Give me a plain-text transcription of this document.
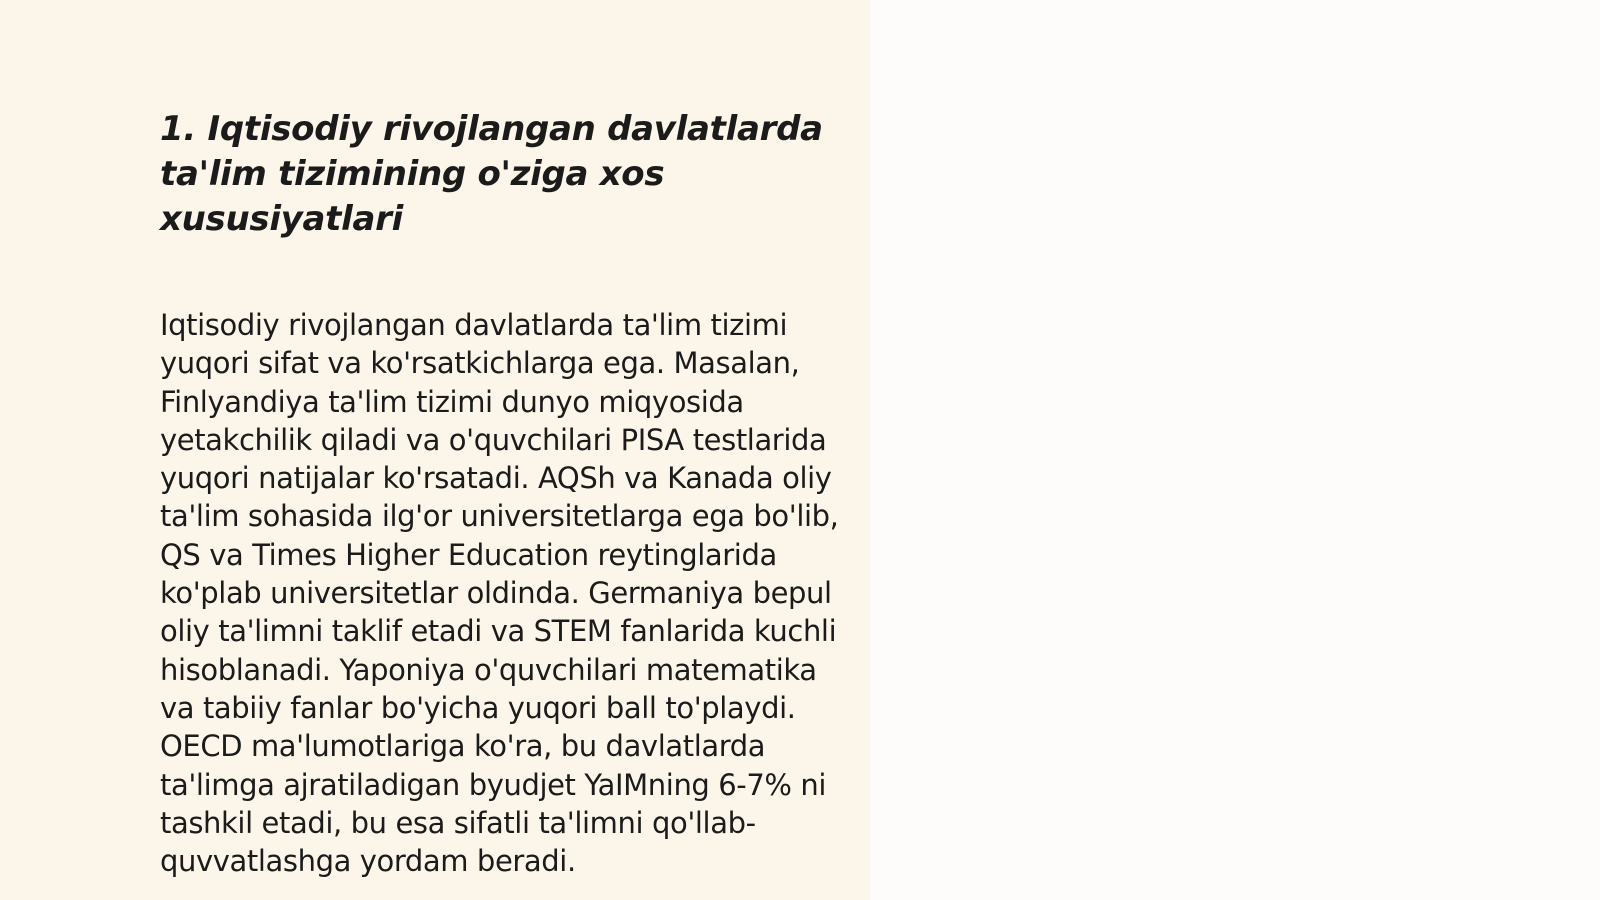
1. Iqtisodiy rivojlangan davlatlarda ta'lim tizimining o'ziga xos xususiyatlari

Iqtisodiy rivojlangan davlatlarda ta'lim tizimi yuqori sifat va ko'rsatkichlarga ega. Masalan, Finlyandiya ta'lim tizimi dunyo miqyosida yetakchilik qiladi va o'quvchilari PISA testlarida yuqori natijalar ko'rsatadi. AQSh va Kanada oliy ta'lim sohasida ilg'or universitetlarga ega bo'lib, QS va Times Higher Education reytinglarida ko'plab universitetlar oldinda. Germaniya bepul oliy ta'limni taklif etadi va STEM fanlarida kuchli hisoblanadi. Yaponiya o'quvchilari matematika va tabiiy fanlar bo'yicha yuqori ball to'playdi. OECD ma'lumotlariga ko'ra, bu davlatlarda ta'limga ajratiladigan byudjet YaIMning 6-7% ni tashkil etadi, bu esa sifatli ta'limni qo'llab-quvvatlashga yordam beradi.
